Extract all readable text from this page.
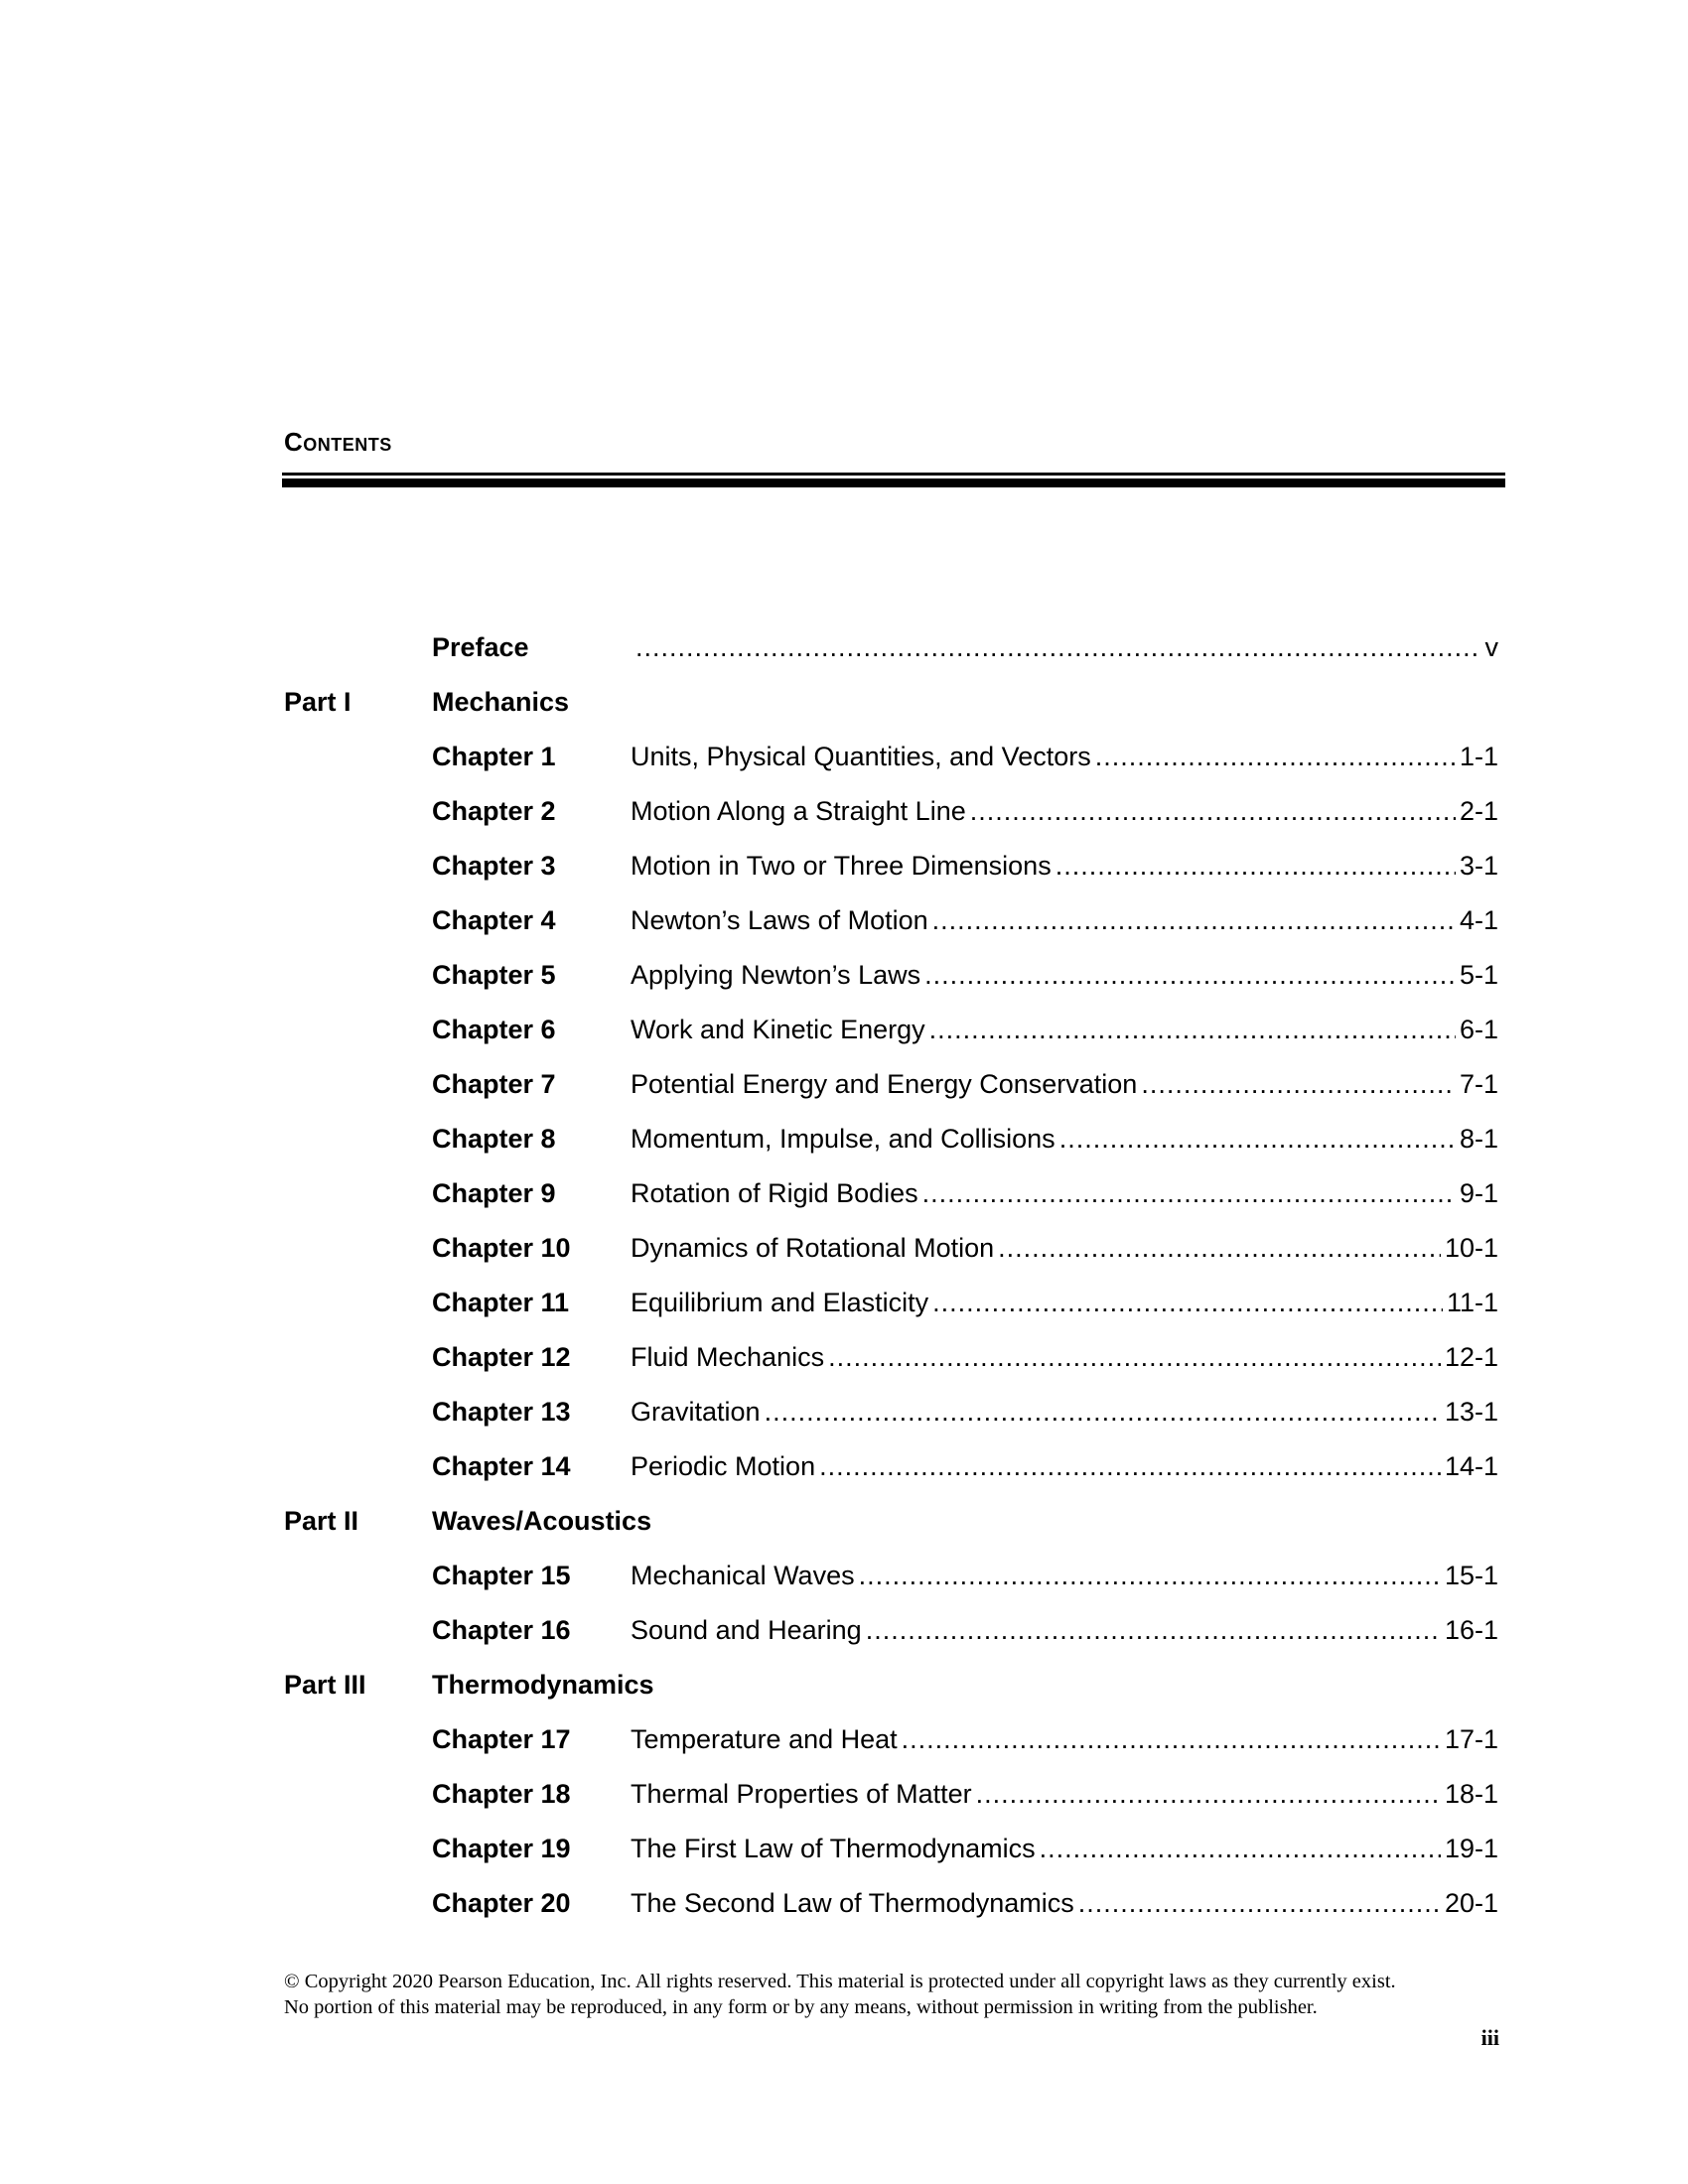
Contents
Preface .....	v
Part I	Mechanics
Chapter 1	Units, Physical Quantities, and Vectors .....	1-1
Chapter 2	Motion Along a Straight Line .....	2-1
Chapter 3	Motion in Two or Three Dimensions .....	3-1
Chapter 4	Newton’s Laws of Motion .....	4-1
Chapter 5	Applying Newton’s Laws .....	5-1
Chapter 6	Work and Kinetic Energy .....	6-1
Chapter 7	Potential Energy and Energy Conservation .....	7-1
Chapter 8	Momentum, Impulse, and Collisions .....	8-1
Chapter 9	Rotation of Rigid Bodies .....	9-1
Chapter 10 Dynamics of Rotational Motion .....	10-1
Chapter 11 Equilibrium and Elasticity .....	11-1
Chapter 12 Fluid Mechanics .....	12-1
Chapter 13 Gravitation .....	13-1
Chapter 14 Periodic Motion .....	14-1
Part II	Waves/Acoustics
Chapter 15 Mechanical Waves .....	15-1
Chapter 16 Sound and Hearing .....	16-1
Part III Thermodynamics
Chapter 17 Temperature and Heat .....	17-1
Chapter 18 Thermal Properties of Matter .....	18-1
Chapter 19 The First Law of Thermodynamics .....	19-1
Chapter 20 The Second Law of Thermodynamics .....	20-1

© Copyright 2020 Pearson Education, Inc. All rights reserved. This material is protected under all copyright laws as they currently exist.

No portion of this material may be reproduced, in any form or by any means, without permission in writing from the publisher.

iii
